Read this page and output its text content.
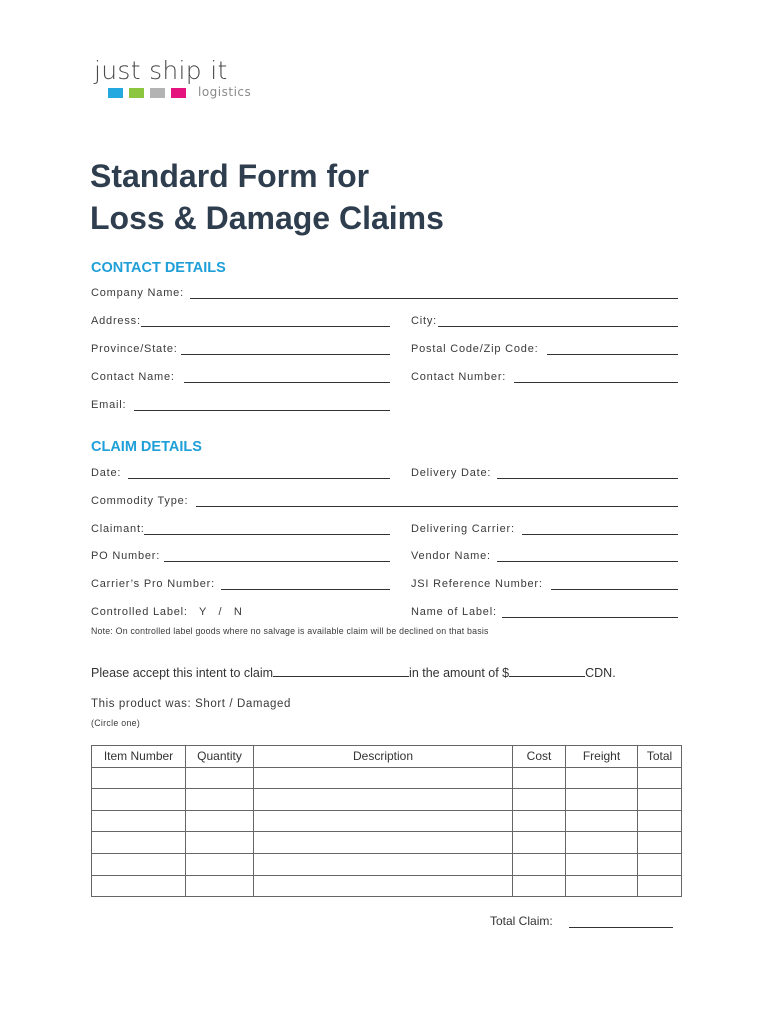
just ship it
logistics
Standard Form for
Loss & Damage Claims
CONTACT DETAILS
Company Name:
Address:	City:
Province/State:	Postal Code/Zip Code:
Contact Name:	Contact Number:
Email:
CLAIM DETAILS
Date:	Delivery Date:
Commodity Type:
Claimant:	Delivering Carrier:
PO Number:	Vendor Name:
Carrier’s Pro Number:	JSI Reference Number:
Controlled Label: Y   /   N	Name of Label:
Note: On controlled label goods where no salvage is available claim will be declined on that basis
Please accept this intent to claim	in the amount of $	CDN.
This product was: Short / Damaged
(Circle one)
Item Number	Quantity	Description	Cost	Freight	Total

Total Claim:
